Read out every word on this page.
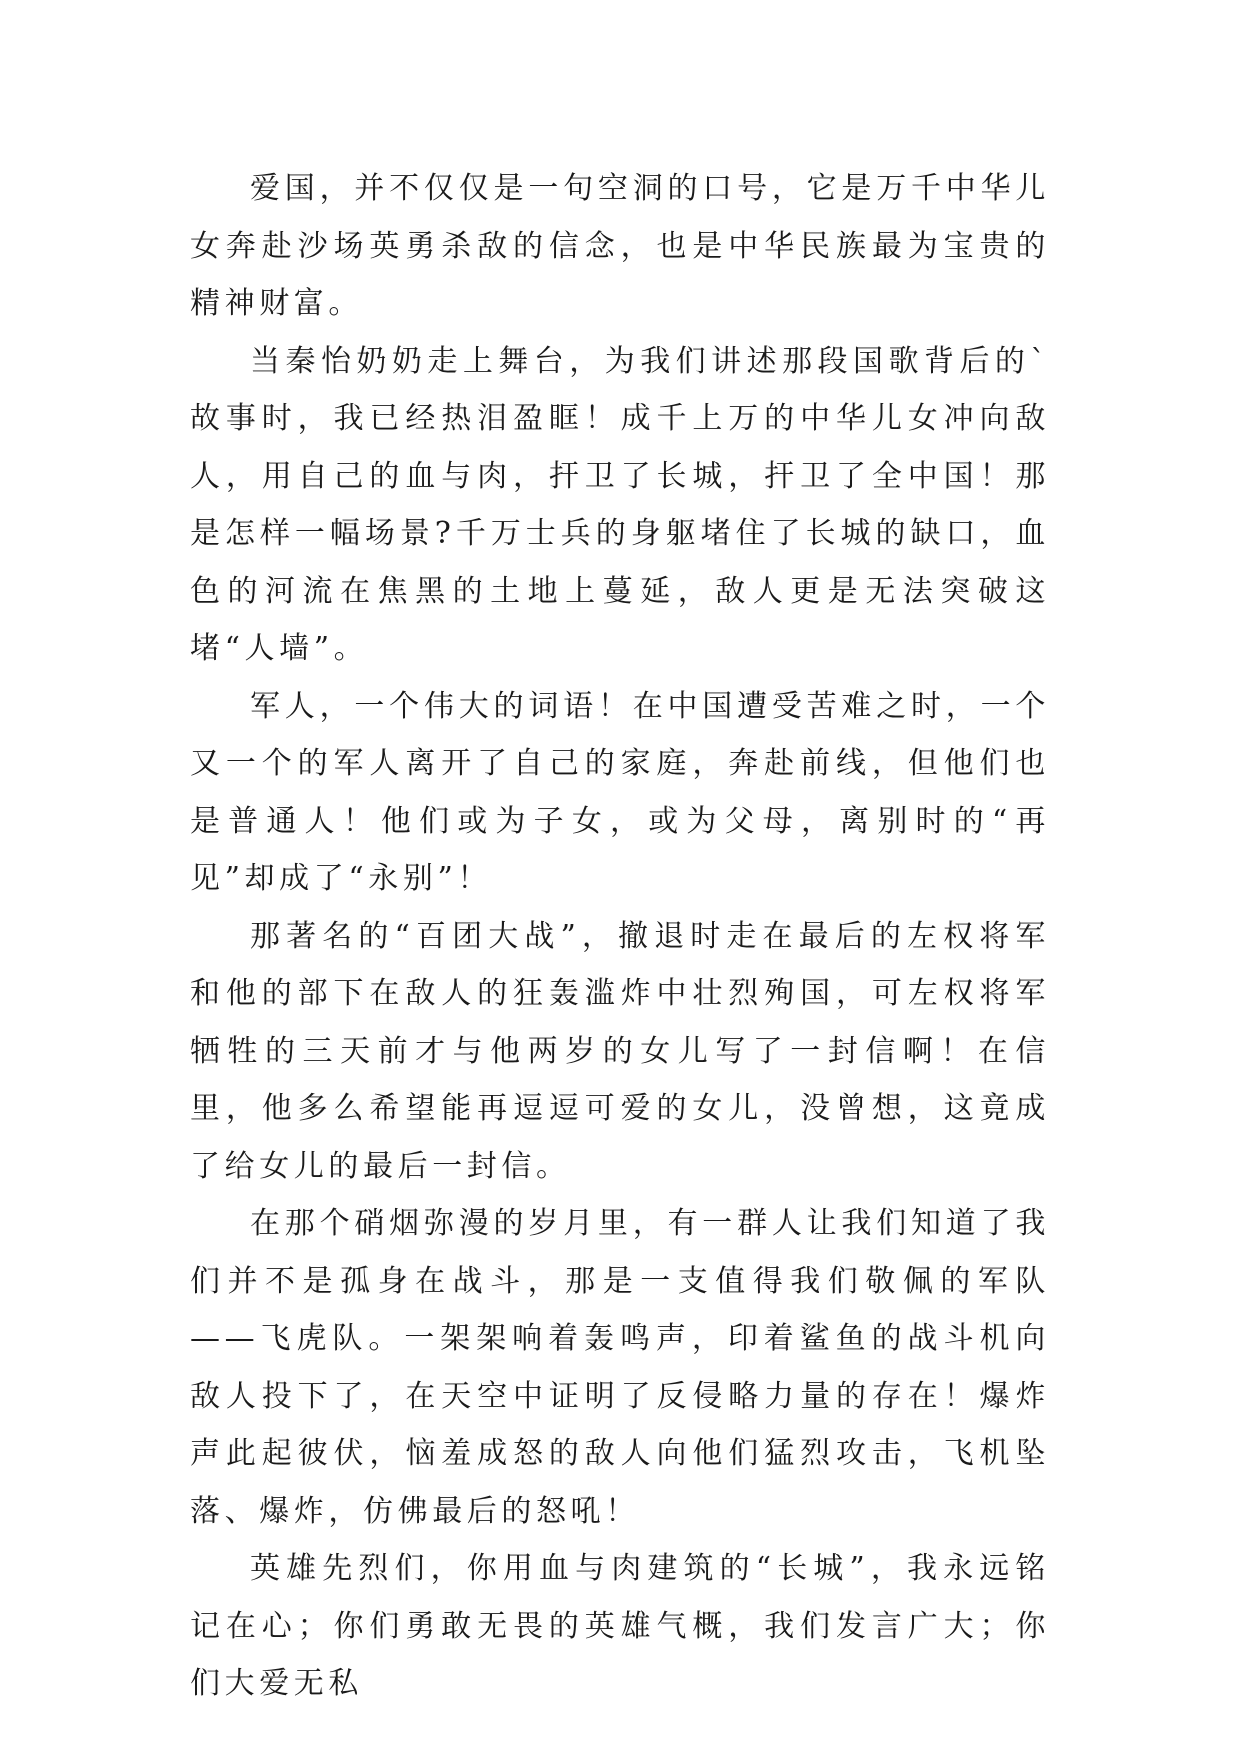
爱国，并不仅仅是一句空洞的口号，它是万千中华儿女奔赴沙场英勇杀敌的信念，也是中华民族最为宝贵的精神财富。

当秦怡奶奶走上舞台，为我们讲述那段国歌背后的`故事时，我已经热泪盈眶！成千上万的中华儿女冲向敌人，用自己的血与肉，扞卫了长城，扞卫了全中国！那是怎样一幅场景?千万士兵的身躯堵住了长城的缺口，血色的河流在焦黑的土地上蔓延，敌人更是无法突破这堵“人墙”。

军人，一个伟大的词语！在中国遭受苦难之时，一个又一个的军人离开了自己的家庭，奔赴前线，但他们也是普通人！他们或为子女，或为父母，离别时的“再见”却成了“永别”！

那著名的“百团大战”，撤退时走在最后的左权将军和他的部下在敌人的狂轰滥炸中壮烈殉国，可左权将军牺牲的三天前才与他两岁的女儿写了一封信啊！在信里，他多么希望能再逗逗可爱的女儿，没曾想，这竟成了给女儿的最后一封信。

在那个硝烟弥漫的岁月里，有一群人让我们知道了我们并不是孤身在战斗，那是一支值得我们敬佩的军队——飞虎队。一架架响着轰鸣声，印着鲨鱼的战斗机向敌人投下了，在天空中证明了反侵略力量的存在！爆炸声此起彼伏，恼羞成怒的敌人向他们猛烈攻击，飞机坠落、爆炸，仿佛最后的怒吼！

英雄先烈们，你用血与肉建筑的“长城”，我永远铭记在心；你们勇敢无畏的英雄气概，我们发言广大；你们大爱无私
